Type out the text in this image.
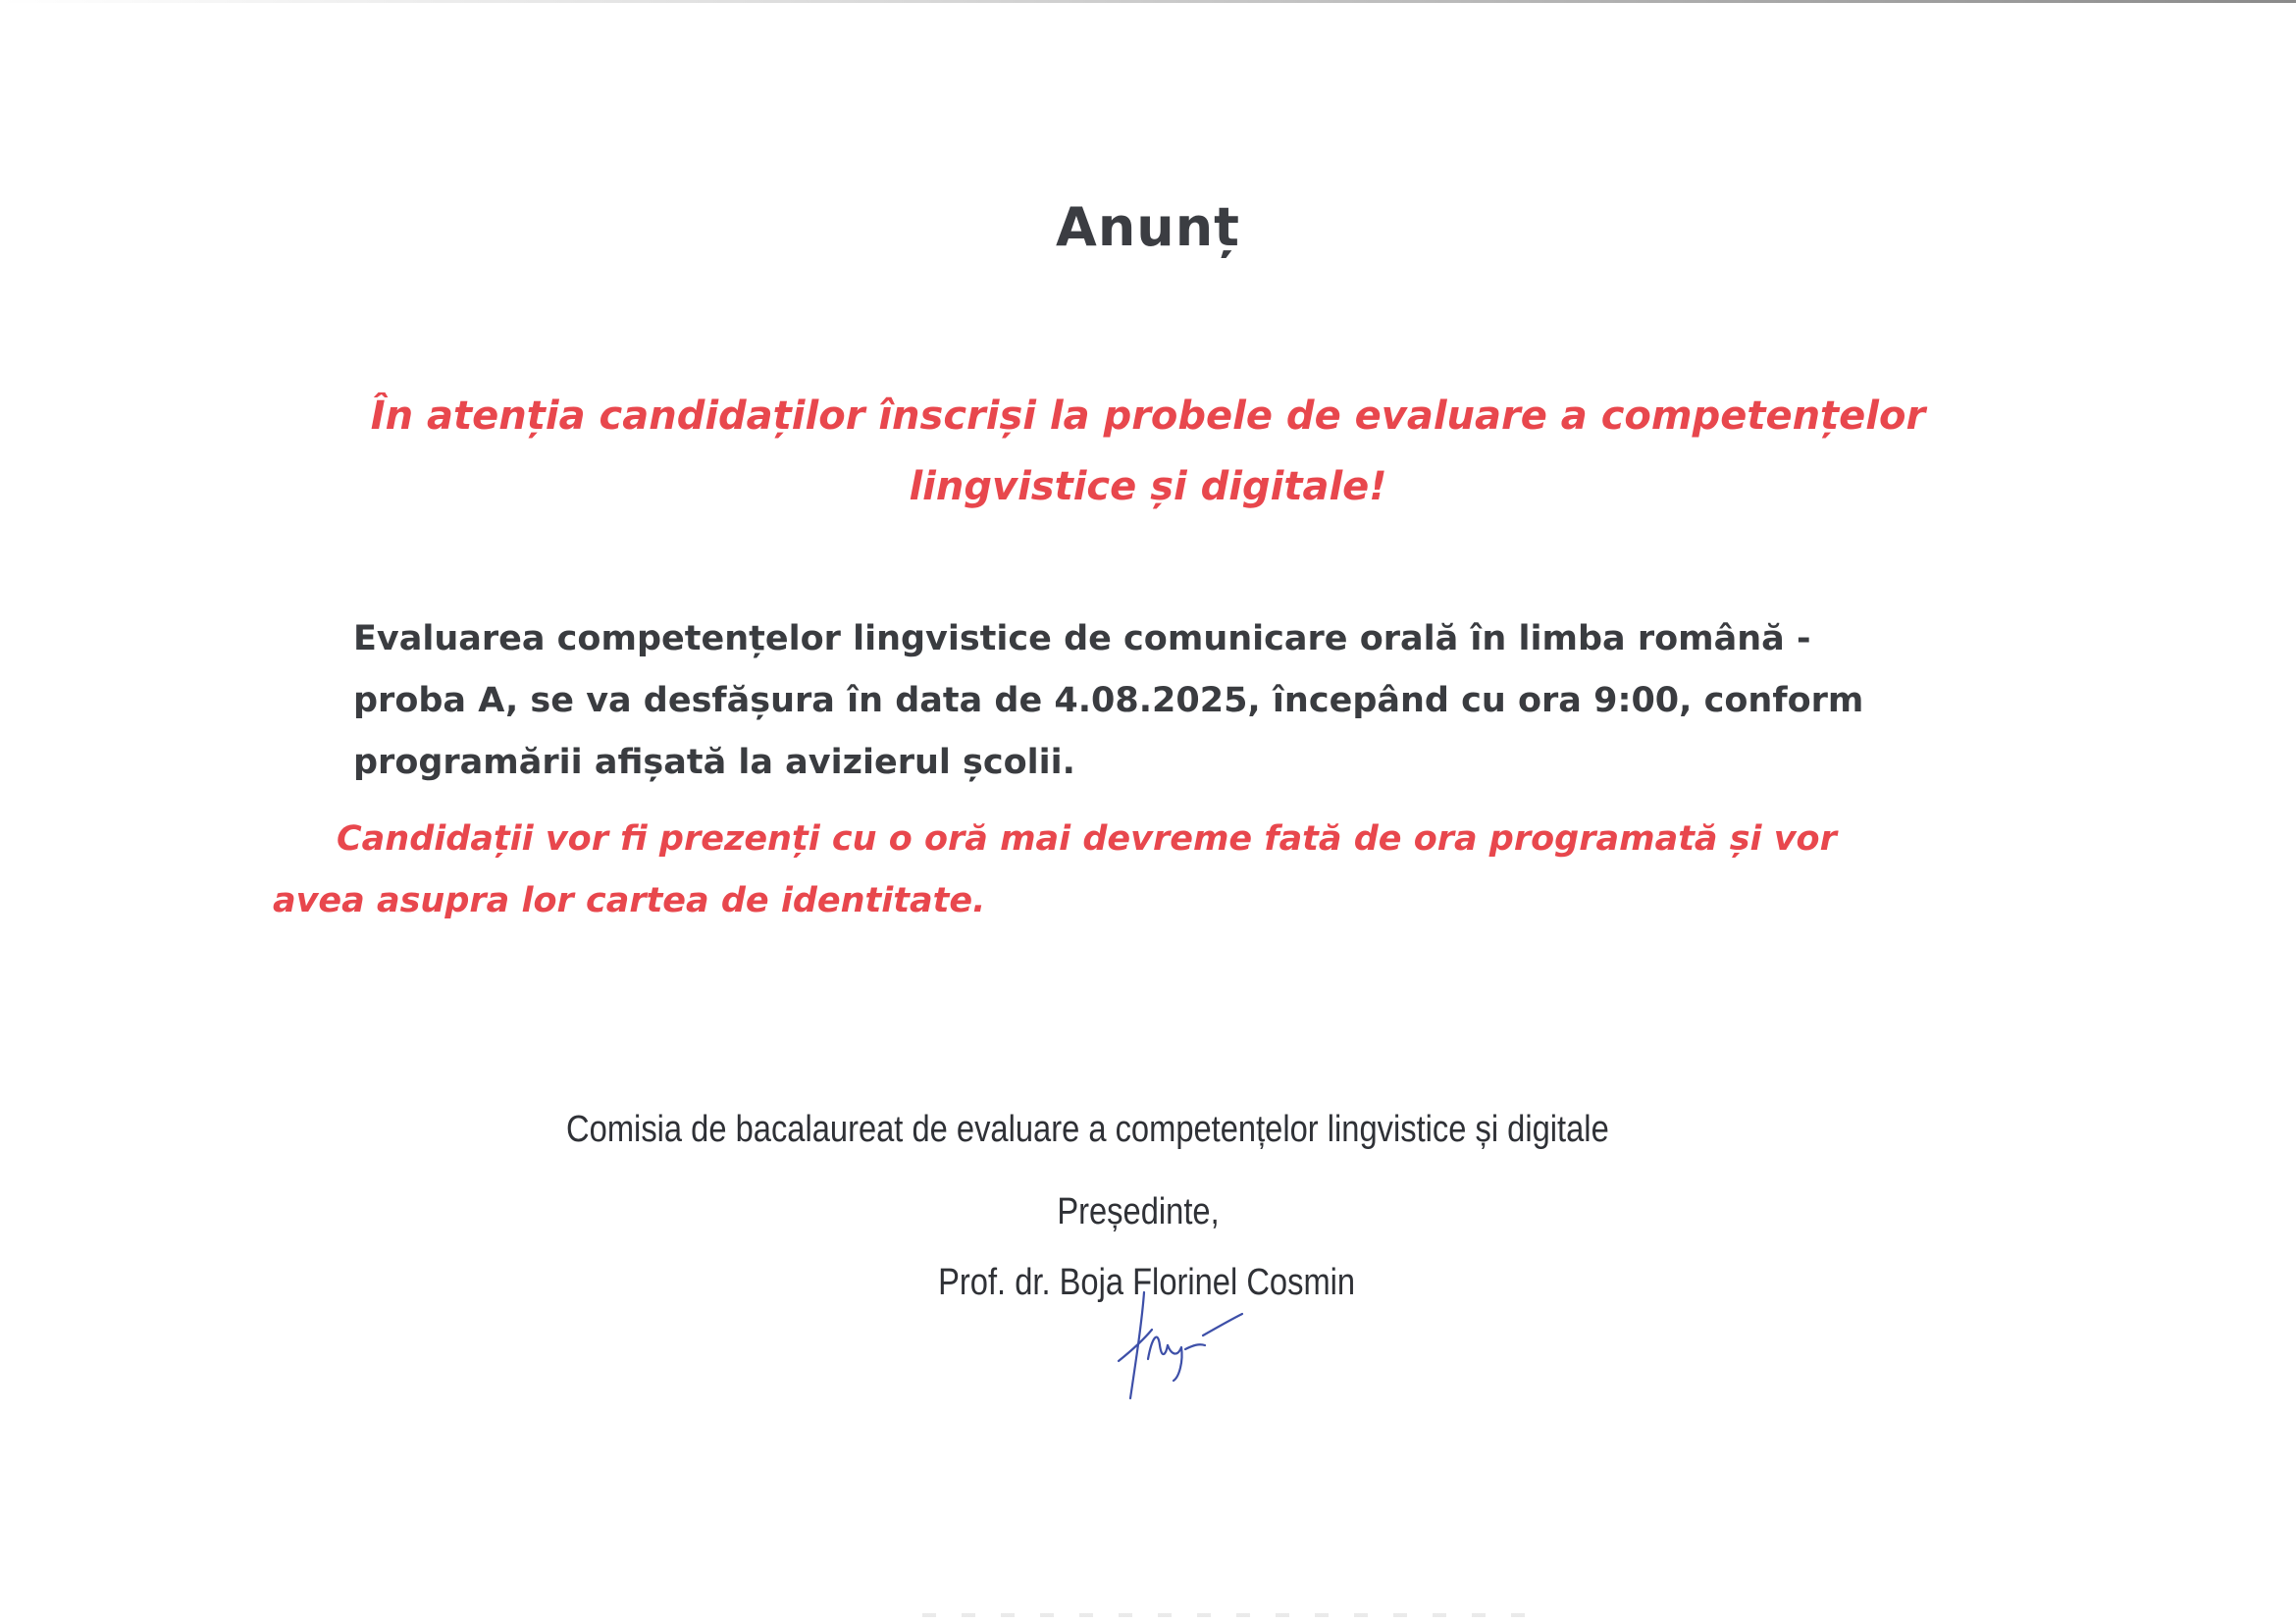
Anunț
În atenția candidaților înscriși la probele de evaluare a competențelor
lingvistice și digitale!
Evaluarea competențelor lingvistice de comunicare orală în limba română -
proba A, se va desfășura în data de 4.08.2025, începând cu ora 9:00, conform
programării afișată la avizierul școlii.
Candidații vor fi prezenți cu o oră mai devreme fată de ora programată și vor
avea asupra lor cartea de identitate.
Comisia de bacalaureat de evaluare a competențelor lingvistice și digitale
Președinte,
Prof. dr. Boja Florinel Cosmin
